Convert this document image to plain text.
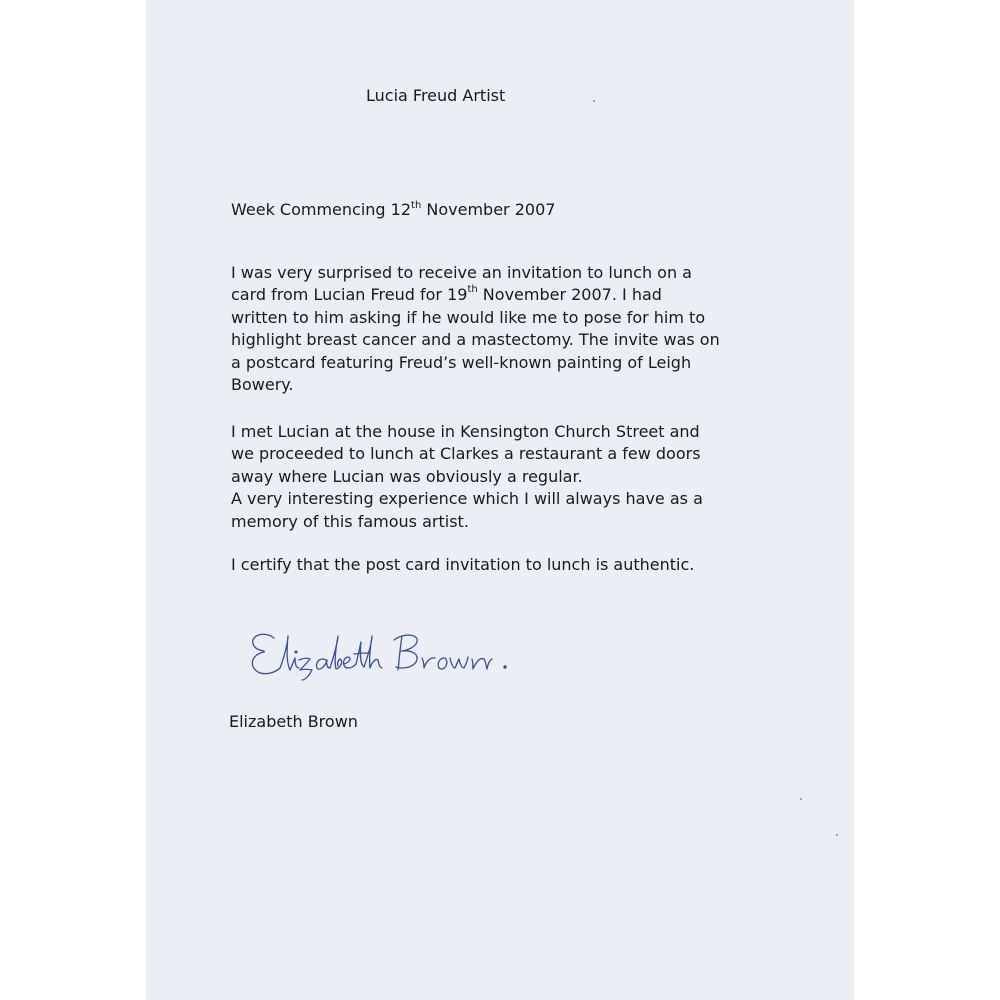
Lucia Freud Artist
Week Commencing 12th November 2007
I was very surprised to receive an invitation to lunch on a
card from Lucian Freud for 19th November 2007. I had
written to him asking if he would like me to pose for him to
highlight breast cancer and a mastectomy. The invite was on
a postcard featuring Freud’s well-known painting of Leigh
Bowery.
I met Lucian at the house in Kensington Church Street and
we proceeded to lunch at Clarkes a restaurant a few doors
away where Lucian was obviously a regular.
A very interesting experience which I will always have as a
memory of this famous artist.
I certify that the post card invitation to lunch is authentic.
Elizabeth Brown
